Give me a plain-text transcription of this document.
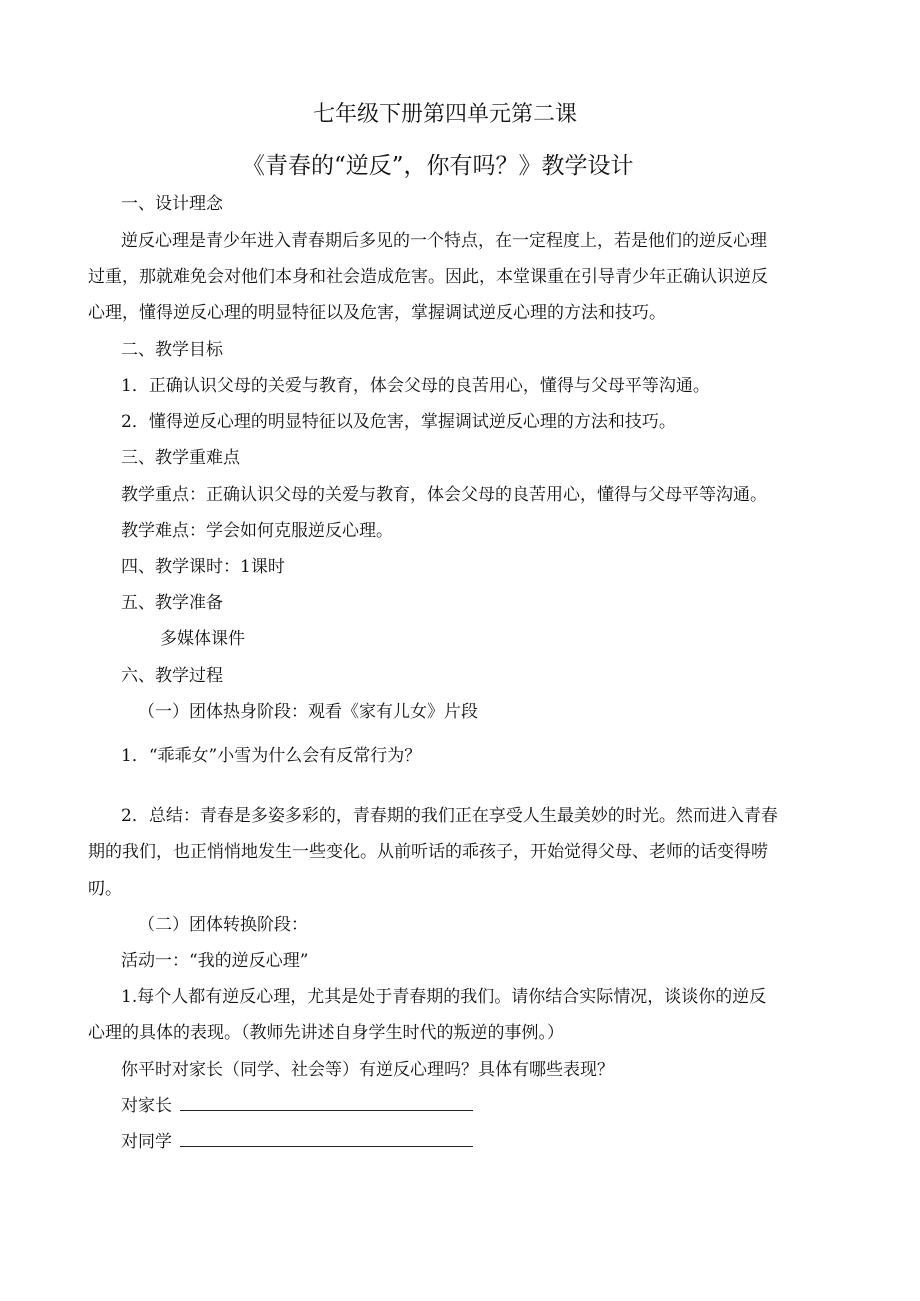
七年级下册第四单元第二课
《青春的“逆反”，你有吗？》教学设计
一、设计理念
逆反心理是青少年进入青春期后多见的一个特点，在一定程度上，若是他们的逆反心理
过重，那就难免会对他们本身和社会造成危害。因此，本堂课重在引导青少年正确认识逆反
心理，懂得逆反心理的明显特征以及危害，掌握调试逆反心理的方法和技巧。
二、教学目标
1．正确认识父母的关爱与教育，体会父母的良苦用心，懂得与父母平等沟通。
2．懂得逆反心理的明显特征以及危害，掌握调试逆反心理的方法和技巧。
三、教学重难点
教学重点：正确认识父母的关爱与教育，体会父母的良苦用心，懂得与父母平等沟通。
教学难点：学会如何克服逆反心理。
四、教学课时：1课时
五、教学准备
多媒体课件
六、教学过程
（一）团体热身阶段：观看《家有儿女》片段
1．“乖乖女”小雪为什么会有反常行为？
2．总结：青春是多姿多彩的，青春期的我们正在享受人生最美妙的时光。然而进入青春
期的我们，也正悄悄地发生一些变化。从前听话的乖孩子，开始觉得父母、老师的话变得唠
叨。
（二）团体转换阶段：
活动一：“我的逆反心理”
1.每个人都有逆反心理，尤其是处于青春期的我们。请你结合实际情况，谈谈你的逆反
心理的具体的表现。（教师先讲述自身学生时代的叛逆的事例。）
你平时对家长（同学、社会等）有逆反心理吗？具体有哪些表现？
对家长
对同学
